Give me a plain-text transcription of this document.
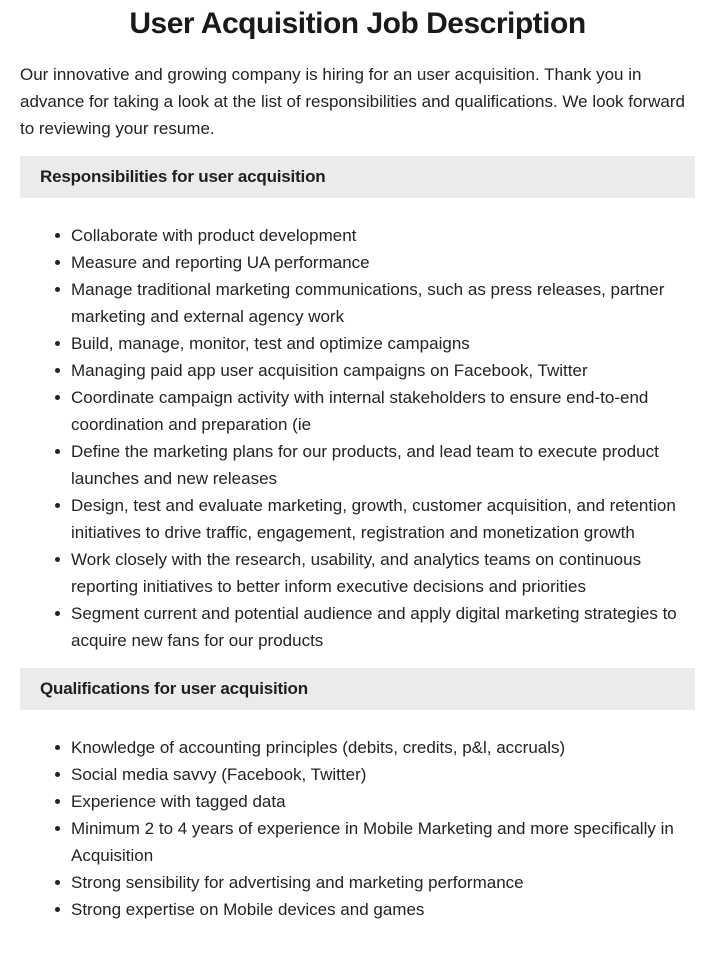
User Acquisition Job Description

Our innovative and growing company is hiring for an user acquisition. Thank you in advance for taking a look at the list of responsibilities and qualifications. We look forward to reviewing your resume.

Responsibilities for user acquisition
Collaborate with product development
Measure and reporting UA performance
Manage traditional marketing communications, such as press releases, partner marketing and external agency work
Build, manage, monitor, test and optimize campaigns
Managing paid app user acquisition campaigns on Facebook, Twitter
Coordinate campaign activity with internal stakeholders to ensure end-to-end coordination and preparation (ie
Define the marketing plans for our products, and lead team to execute product launches and new releases
Design, test and evaluate marketing, growth, customer acquisition, and retention initiatives to drive traffic, engagement, registration and monetization growth
Work closely with the research, usability, and analytics teams on continuous reporting initiatives to better inform executive decisions and priorities
Segment current and potential audience and apply digital marketing strategies to acquire new fans for our products
Qualifications for user acquisition
Knowledge of accounting principles (debits, credits, p&l, accruals)
Social media savvy (Facebook, Twitter)
Experience with tagged data
Minimum 2 to 4 years of experience in Mobile Marketing and more specifically in Acquisition
Strong sensibility for advertising and marketing performance
Strong expertise on Mobile devices and games
